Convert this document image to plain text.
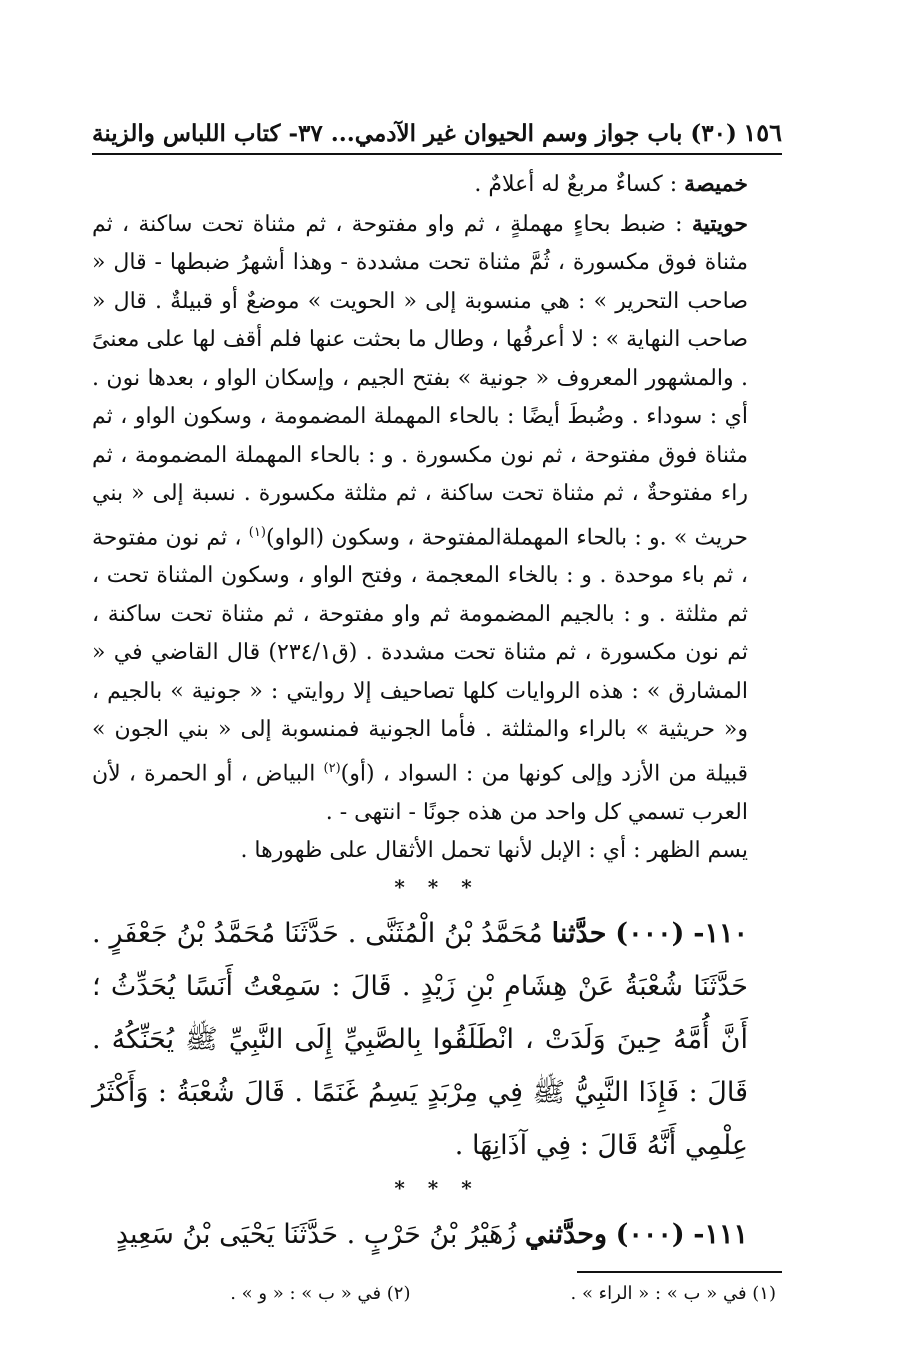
١٥٦
(٣٠) باب جواز وسم الحيوان غير الآدمي... ٣٧- كتاب اللباس والزينة

خميصة : كساءٌ مربعٌ له أعلامٌ .

حويتية : ضبط بحاءٍ مهملةٍ ، ثم واو مفتوحة ، ثم مثناة تحت ساكنة ، ثم مثناة فوق مكسورة ، ثُمَّ مثناة تحت مشددة - وهذا أشهرُ ضبطها - قال « صاحب التحرير » : هي منسوبة إلى « الحويت » موضعٌ أو قبيلةٌ . قال « صاحب النهاية » : لا أعرفُها ، وطال ما بحثت عنها فلم أقف لها على معنىً . والمشهور المعروف « جونية » بفتح الجيم ، وإسكان الواو ، بعدها نون . أي : سوداء . وضُبطَ أيضًا : بالحاء المهملة المضمومة ، وسكون الواو ، ثم مثناة فوق مفتوحة ، ثم نون مكسورة . و : بالحاء المهملة المضمومة ، ثم راء مفتوحةٌ ، ثم مثناة تحت ساكنة ، ثم مثلثة مكسورة . نسبة إلى « بني حريث » .و : بالحاء المهملةالمفتوحة ، وسكون (الواو)$^{(١)}$ ، ثم نون مفتوحة ، ثم باء موحدة . و : بالخاء المعجمة ، وفتح الواو ، وسكون المثناة تحت ، ثم مثلثة . و : بالجيم المضمومة ثم واو مفتوحة ، ثم مثناة تحت ساكنة ، ثم نون مكسورة ، ثم مثناة تحت مشددة . (ق٢٣٤/١) قال القاضي في « المشارق » : هذه الروايات كلها تصاحيف إلا روايتي : « جونية » بالجيم ، و« حريثية » بالراء والمثلثة . فأما الجونية فمنسوبة إلى « بني الجون » قبيلة من الأزد وإلى كونها من : السواد ، (أو)$^{(٢)}$ البياض ، أو الحمرة ، لأن العرب تسمي كل واحد من هذه جونًا - انتهى - .

يسم الظهر : أي : الإبل لأنها تحمل الأثقال على ظهورها .

* * *

١١٠- (٠٠٠) حدَّثنا مُحَمَّدُ بْنُ الْمُثَنَّى . حَدَّثَنَا مُحَمَّدُ بْنُ جَعْفَرٍ . حَدَّثَنَا شُعْبَةُ عَنْ هِشَامِ بْنِ زَيْدٍ . قَالَ : سَمِعْتُ أَنَسًا يُحَدِّثُ ؛ أَنَّ أُمَّهُ حِينَ وَلَدَتْ ، انْطَلَقُوا بِالصَّبِيِّ إِلَى النَّبِيِّ ﷺ يُحَنِّكُهُ . قَالَ : فَإِذَا النَّبِيُّ ﷺ فِي مِرْبَدٍ يَسِمُ غَنَمًا . قَالَ شُعْبَةُ : وَأَكْثَرُ عِلْمِي أَنَّهُ قَالَ : فِي آذَانِهَا .

* * *

١١١- (٠٠٠) وحدَّثني زُهَيْرُ بْنُ حَرْبٍ . حَدَّثَنَا يَحْيَى بْنُ سَعِيدٍ

(١) في « ب » : « الراء » .
(٢) في « ب » : « و » .
